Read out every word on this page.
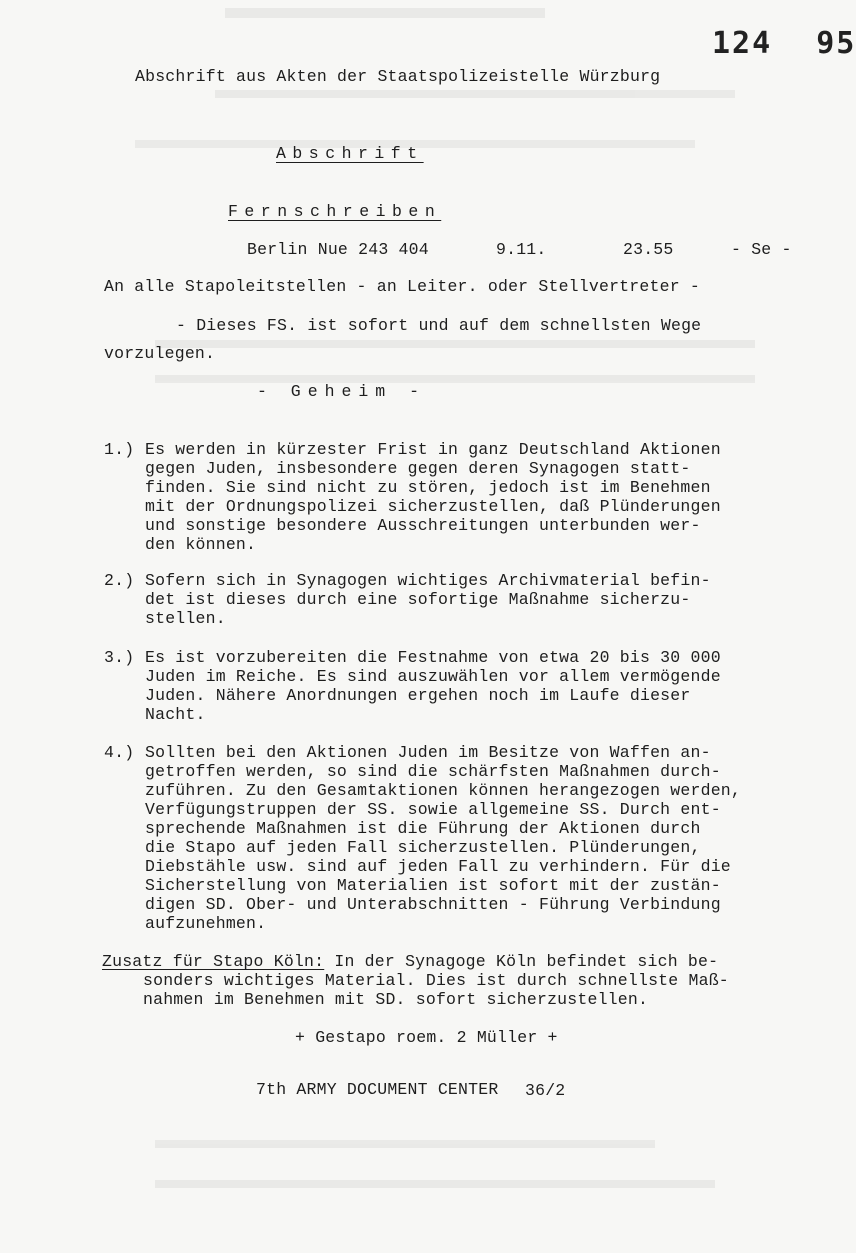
124 95
Abschrift aus Akten der Staatspolizeistelle Würzburg
Abschrift
Fernschreiben
Berlin Nue 243 404	9.11.	23.55	- Se -
An alle Stapoleitstellen - an Leiter. oder Stellvertreter -
- Dieses FS. ist sofort und auf dem schnellsten Wege
vorzulegen.
- Geheim -
1.) Es werden in kürzester Frist in ganz Deutschland Aktionen
gegen Juden, insbesondere gegen deren Synagogen statt-
finden. Sie sind nicht zu stören, jedoch ist im Benehmen
mit der Ordnungspolizei sicherzustellen, daß Plünderungen
und sonstige besondere Ausschreitungen unterbunden wer-
den können.
2.) Sofern sich in Synagogen wichtiges Archivmaterial befin-
det ist dieses durch eine sofortige Maßnahme sicherzu-
stellen.
3.) Es ist vorzubereiten die Festnahme von etwa 20 bis 30 000
Juden im Reiche. Es sind auszuwählen vor allem vermögende
Juden. Nähere Anordnungen ergehen noch im Laufe dieser
Nacht.
4.) Sollten bei den Aktionen Juden im Besitze von Waffen an-
getroffen werden, so sind die schärfsten Maßnahmen durch-
zuführen. Zu den Gesamtaktionen können herangezogen werden,
Verfügungstruppen der SS. sowie allgemeine SS. Durch ent-
sprechende Maßnahmen ist die Führung der Aktionen durch
die Stapo auf jeden Fall sicherzustellen. Plünderungen,
Diebstähle usw. sind auf jeden Fall zu verhindern. Für die
Sicherstellung von Materialien ist sofort mit der zustän-
digen SD. Ober- und Unterabschnitten - Führung Verbindung
aufzunehmen.
Zusatz für Stapo Köln: In der Synagoge Köln befindet sich be-
sonders wichtiges Material. Dies ist durch schnellste Maß-
nahmen im Benehmen mit SD. sofort sicherzustellen.
+ Gestapo roem. 2 Müller +
7th ARMY DOCUMENT CENTER 36/2
